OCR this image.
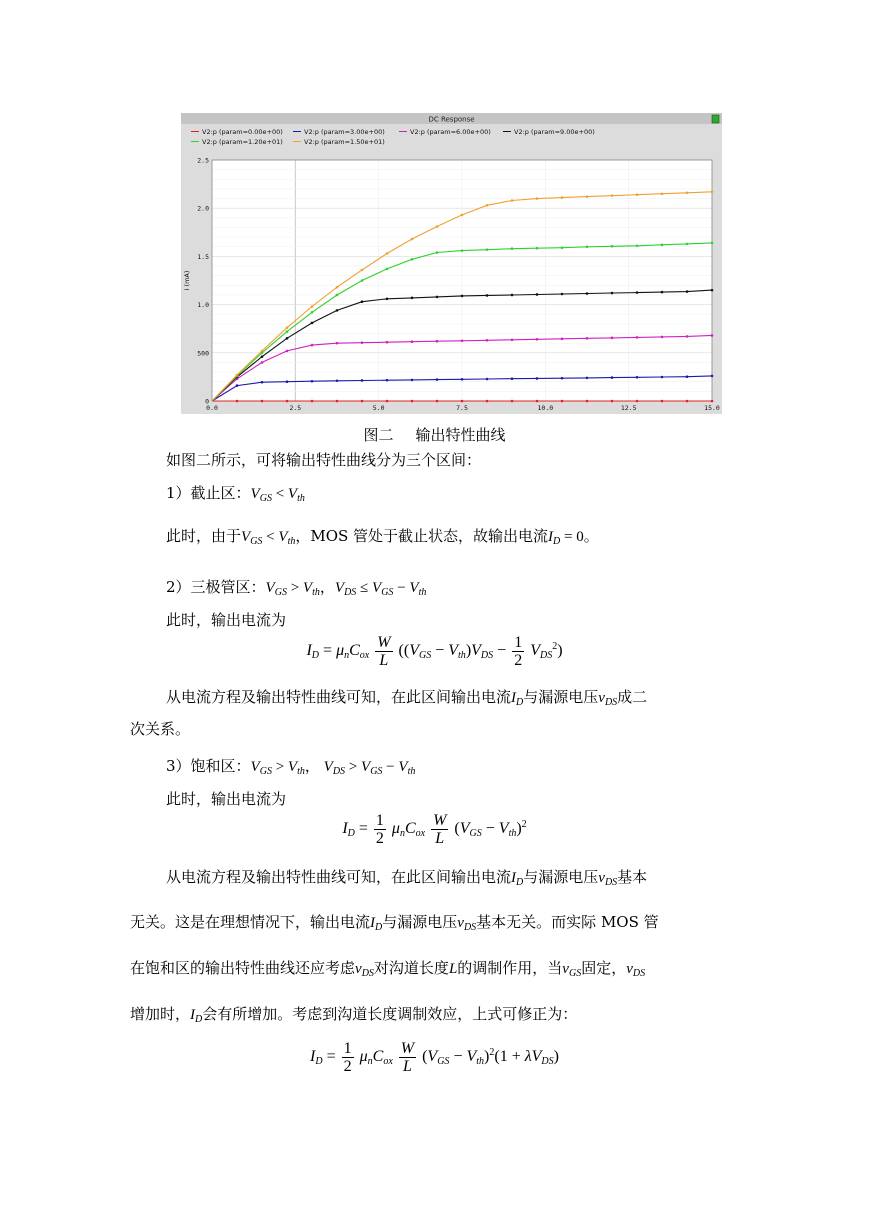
DC Response
V2:p (param=0.00e+00)	V2:p (param=3.00e+00)	V2:p (param=6.00e+00)	V2:p (param=9.00e+00)
V2:p (param=1.20e+01)	V2:p (param=1.50e+01)
0.0	2.5	5.0	7.5	10.0	12.5	15.0
0
500
1.0
1.5
2.0
2.5
I (mA)
图二 输出特性曲线
如图二所示，可将输出特性曲线分为三个区间：
1）截止区：$V_{GS} < V_{th}$
此时，由于$V_{GS} < V_{th}$，MOS 管处于截止状态，故输出电流$I_D = 0$。
2）三极管区：$V_{GS} > V_{th}$，$V_{DS} \le V_{GS} - V_{th}$
此时，输出电流为
$I_D = \mu_nC_{ox} \frac{W}{L} ((V_{GS} - V_{th})V_{DS} - \frac{1}{2} V_{DS}^2)$
从电流方程及输出特性曲线可知，在此区间输出电流$I_D$与漏源电压$v_{DS}$成二
次关系。
3）饱和区：$V_{GS} > V_{th}$， $V_{DS} > V_{GS} - V_{th}$
此时，输出电流为
$I_D = \frac{1}{2} \mu_nC_{ox} \frac{W}{L} (V_{GS} - V_{th})^2$
从电流方程及输出特性曲线可知，在此区间输出电流$I_D$与漏源电压$v_{DS}$基本
无关。这是在理想情况下，输出电流$I_D$与漏源电压$v_{DS}$基本无关。而实际 MOS 管
在饱和区的输出特性曲线还应考虑$v_{DS}$对沟道长度L的调制作用，当$v_{GS}$固定，$v_{DS}$
增加时，$I_D$会有所增加。考虑到沟道长度调制效应，上式可修正为：
$I_D = \frac{1}{2} \mu_nC_{ox} \frac{W}{L} (V_{GS} - V_{th})^2(1 + \lambda V_{DS})$
